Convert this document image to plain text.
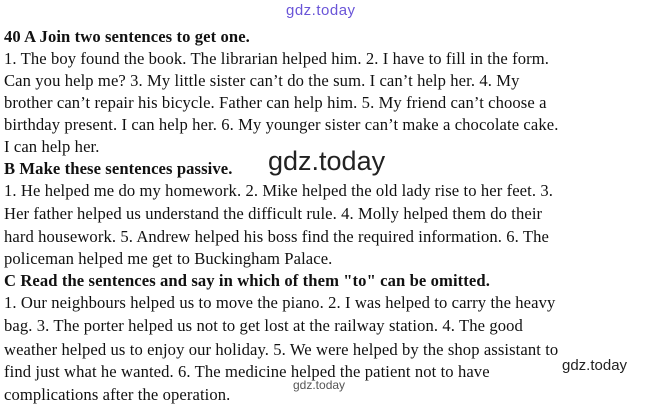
gdz.today
40 A Join two sentences to get one.
1. The boy found the book. The librarian helped him. 2. I have to fill in the form.
Can you help me? 3. My little sister can’t do the sum. I can’t help her. 4. My
brother can’t repair his bicycle. Father can help him. 5. My friend can’t choose a
birthday present. I can help her. 6. My younger sister can’t make a chocolate cake.
I can help her.
B Make these sentences passive. gdz.today
1. He helped me do my homework. 2. Mike helped the old lady rise to her feet. 3.
Her father helped us understand the difficult rule. 4. Molly helped them do their
hard housework. 5. Andrew helped his boss find the required information. 6. The
policeman helped me get to Buckingham Palace.
C Read the sentences and say in which of them "to" can be omitted.
1. Our neighbours helped us to move the piano. 2. I was helped to carry the heavy
bag. 3. The porter helped us not to get lost at the railway station. 4. The good
weather helped us to enjoy our holiday. 5. We were helped by the shop assistant to
find just what he wanted. 6. The medicine helped the patient not to have
complications after the operation.
gdz.today
gdz.today
